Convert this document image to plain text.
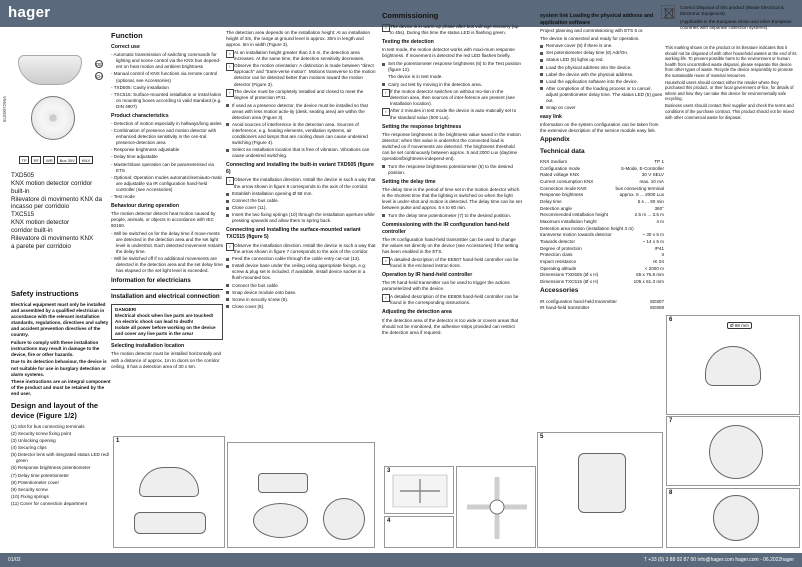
hager
6LE007296A
DE
CH
TP	RF	WR	Bus 30V	KNX

TXD505

KNX motion detector corridor

built-in

Rilevatore di movimento KNX da

incasso per corridoio

TXC515

KNX motion detector

corridor built-in

Rilevatore di movimento KNX

a parete per corridoio

Safety instructions

Electrical equipment must only be installed and assembled by a qualified electrician in accordance with the relevant installation standards, regulations, directives and safety and accident prevention directives of the country.

Failure to comply with these installation instructions may result in damage to the device, fire or other hazards.

Due to its detection behaviour, the device is not suitable for use in burglary detection or alarm systems.

These instructions are an integral component of the product and must be retained by the end user.

Design and layout of the device (Figure 1/2)
(1) Slot for bus connecting terminals
(2) Security screw fixing point
(3) Unlocking opening
(4) Securing clips
(5) Detector lens with integrated status LED red/ green
(6) Response brightness potentiometer
(7) Delay time potentiometer
(8) Potentiometer cover
(9) Security screw
(10) Fixing springs
(11) Cover for connection department
Function
Correct use
- Automatic transmission of switching commands for lighting and scene control via the KNX bus depend-ent on heat motion and ambient brightness
- Manual control of KNX functions via remote control (optional, see Accessories)
- TXD505: Cavity installation
- TXC515: Surface-mounted installation or instal-lation on mounting boxes according to valid standard (e.g. DIN 4907)
Product characteristics
- Detection of motion especially in hallways/long aisles
- Combination of presence and motion detector with enhanced detection sensitivity in the cen-tral presence-detection area
- Response brightness adjustable
- Delay time adjustable
- Master/Slave operation can be parameterised via ETS
- Optional: Operation modes automatic/semiauto-matic are adjustable via IR configuration hand-held controller (see Accessories)
- Test mode
Behaviour during operation

The motion detector detects heat motion caused by people, animals, or objects in accordance with IEC 60160.

- Will be switched on for the delay time if move-ments are detected in the detection area and the set light level is undershot. Each detected movement restarts the delay time.
- Will be switched off if no additional movements are detected in the detection area and the set delay time has elapsed or the set light level is exceeded.
Information for electricians
Installation and electrical connection
DANGER!
Electrical shock when live parts are touched!
An electric shock can lead to death!
Isolate all power before working on the device and cover any live parts in the area!
Selecting installation location

The motion detector must be installed horizontally and with a distance of approx. 1m to doors on the corridor ceiling. It has a detection area of 30 x 5m.

The detection area depends on the installation height: At an installation height of 3m, the range at ground level is approx. 30m in length and approx. 5m in width (Figure 3).

i At an installation height greater than 2.5 m, the detection area increases. At the same time, the detection sensitivity decreases.
i Observe the motion orientation: A distinction is made between "direct approach" and "trans-verse motion". Motions transverse to the motion detector can be detected better than motions toward the motion detector (Figure 3).
i The device must be completely installed and closed to meet the degree of protection IP41.
If used as a presence detector, the device must be installed so that areas with less motion activ-ity (desk, seating area) are within the detection area (Figure 3).
Avoid sources of interference in the detection area. Sources of interference, e.g. heating elements, ventilation systems, air conditioners and lamps that are cooling down can cause undesired switching (Figure 4).
Select an installation location that is free of vibration. Vibrations can cause undesired switching.
Connecting and installing the built-in variant TXD505 (figure 6)
i Observe the installation direction. Install the device in such a way that the arrow shown in figure 8 corresponds to the axis of the corridor.
Establish installation opening Ø 68 mm.
Connect the bus cable.
Close cover (11).
Insert the two fixing springs (10) through the installation aperture while pressing upwards and allow them to spring back.
Connecting and installing the surface-mounted variant TXC515 (figure 5)
i Observe the installation direction. Install the device in such a way that the arrow shown in figure 7 corresponds to the axis of the corridor.
Feed the connection cable through the cable entry cut-out (13).
Install device base under the ceiling using appropriate fixings, e.g. screw & plug set is included. If available, install device socket in a flush-mounted box.
Connect the bus cable.
Snap device module onto base.
Screw in security screw (9).
Close cover (8).
Commissioning
i The device is in warm-up phase after bus volt-age recovery (up to 45s). During this time the status LED is flashing green.
Testing the detection

In test mode, the motion detector works with maxi-mum response brightness. If movement is detected the red LED flashes briefly.

Set the potentiometer response brightness (6) to the Test position (figure 12).

The device is in test mode.

Carry out test by moving in the detection area.
i If the motion detector switches on without mo-tion in the detection area, then sources of inter-ference are present (see Installation location).
i After 2 minutes in test mode the device is auto-matically set to the standard value (500 Lux).
Setting the response brightness

The response brightness is the brightness value saved in the motion detector; when this value is undershot the connected load is switched on if movements are detected. The brightness threshold can be set continuously between approx. 5 and 2000 Lux (daytime operation/brightness-independ-ent).

Turn the response brightness potentiometer (6) to the desired position.
Setting the delay time

The delay time is the period of time set in the motion detector which is the shortest time that the lighting is switched on when the light level is under-shot and motion is detected. The delay time can be set between pulse and approx. 5 s to 60 min.

Turn the delay time potentiometer (7) to the desired position.
Commissioning with the IR configuration hand-held controller

The IR configuration hand-held transmitter can be used to change the values set directly on the device (see Accessories) if the setting has been enabled in the ETS.

i A detailed description of the EE807 hand-held controller can be found in the enclosed instruc-tions.
Operation by IR hand-held controller

The IR hand-held transmitter can be used to trigger the actions parameterized with the device.

i A detailed description of the EE808 hand-held controller can be found in the corresponding instructions.
Adjusting the detection area

If the detection area of the detector is too wide or covers areas that should not be monitored, the adhesive strips provided can restrict the detection area if required.

system link Loading the physical address and application software

Project planning and commissioning with ETS 5 or.

The device is connected and ready for operation.

Remove cover (8) if there is one.
Set potentiometer delay time (6) Adr/On.
Status LED (5) lights up red.
Load the physical address into the device.
Label the device with the physical address.
Load the application software into the device.
After completion of the loading process or to cancel, adjust potentiometer delay time. The status LED (5) goes out.
Snap on cover
easy link

Information on the system configuration can be taken from the extensive description of the service module easy link.

Appendix
Technical data
KNX medium	TP 1
Configuration mode	S-Mode, E-Controller
Rated voltage KNX	30 V SELV
Current consumption KNX	max. 10 mA
Connection mode KNX	bus connecting terminal
Response brightness	approx. 5 ... 2000 Lux
Delay time	5 s ... 60 min
Detection angle	360°
Recommended installation height	2.5 m ... 3.5 m
Maximum installation height	4 m
Detection area motion (installation height 3 m)
transverse motion towards detector	~ 30 x 5 m
Towards detector	~ 14 x 5 m
Degree of protection	IP41
Protection class	II
Impact resistance	IK 04
Operating altitude	< 2000 m
Dimensions TXD505 (Ø x H)	65 x 75.8 mm
Dimensions TXC515 (Ø x H)	105 x 61.3 mm
Accessories
IR configuration hand-held transmitter	EE807
IR hand-held transmitter	EE808

Correct Disposal of this product (Waste Electrical & Electronic Equipment)

(Applicable in the European Union and other European countries with separate collection systems).

This marking shown on the product or its literature indicates that it should not be disposed of with other household wastes at the end of its working life. To prevent possible harm to the environment or human health from uncontrolled waste disposal, please separate this device from other types of waste. Recycle the device responsibly to promote the sustainable reuse of material resources.

Household users should contact either the retailer where they purchased this product, or their local government of-fice, for details of where and how they can take this device for environmentally safe recycling.

Business users should contact their supplier and check the terms and conditions of the purchase contract. This product should not be mixed with other commercial waste for disposal.

1
3
4
5
6
Ø 68 mm
7
8
01/02	T +33 (0) 3 88 02 87 00 info@hager.com hager.com - 06.2022hager
